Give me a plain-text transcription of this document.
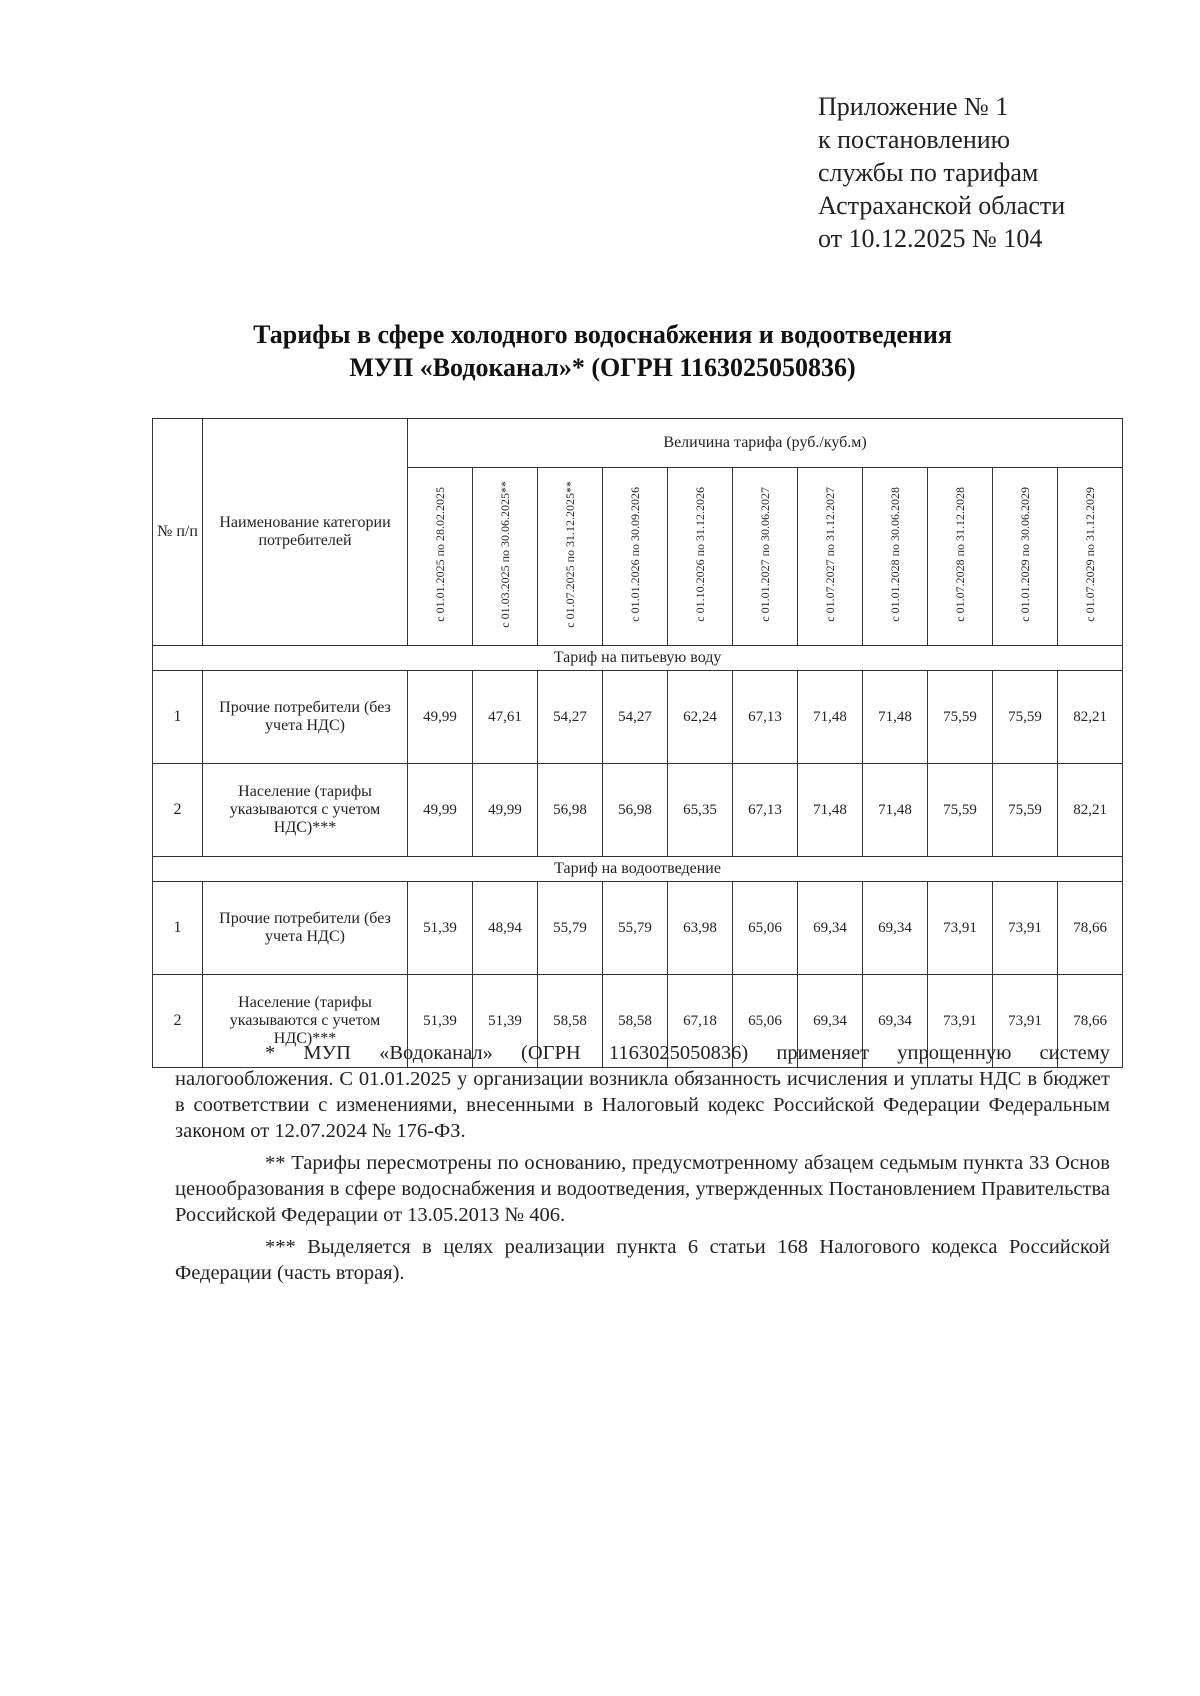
Приложение № 1
к постановлению
службы по тарифам
Астраханской области
от 10.12.2025 № 104
Тарифы в сфере холодного водоснабжения и водоотведения
МУП «Водоканал»* (ОГРН 1163025050836)
№ п/п	Наименование категории потребителей	Величина тарифа (руб./куб.м)										
		с 01.01.2025 по 28.02.2025	с 01.03.2025 по 30.06.2025**	с 01.07.2025 по 31.12.2025**	с 01.01.2026 по 30.09.2026	с 01.10.2026 по 31.12.2026	с 01.01.2027 по 30.06.2027	с 01.07.2027 по 31.12.2027	с 01.01.2028 по 30.06.2028	с 01.07.2028 по 31.12.2028	с 01.01.2029 по 30.06.2029	с 01.07.2029 по 31.12.2029
Тариф на питьевую воду												
1	Прочие потребители (без учета НДС)	49,99	47,61	54,27	54,27	62,24	67,13	71,48	71,48	75,59	75,59	82,21
2	Население (тарифы указываются с учетом НДС)***	49,99	49,99	56,98	56,98	65,35	67,13	71,48	71,48	75,59	75,59	82,21
Тариф на водоотведение												
1	Прочие потребители (без учета НДС)	51,39	48,94	55,79	55,79	63,98	65,06	69,34	69,34	73,91	73,91	78,66
2	Население (тарифы указываются с учетом НДС)***	51,39	51,39	58,58	58,58	67,18	65,06	69,34	69,34	73,91	73,91	78,66

* МУП «Водоканал» (ОГРН 1163025050836) применяет упрощенную систему налогообложения. С 01.01.2025 у организации возникла обязанность исчисления и уплаты НДС в бюджет в соответствии с изменениями, внесенными в Налоговый кодекс Российской Федерации Федеральным законом от 12.07.2024 № 176-ФЗ.

** Тарифы пересмотрены по основанию, предусмотренному абзацем седьмым пункта 33 Основ ценообразования в сфере водоснабжения и водоотведения, утвержденных Постановлением Правительства Российской Федерации от 13.05.2013 № 406.

*** Выделяется в целях реализации пункта 6 статьи 168 Налогового кодекса Российской Федерации (часть вторая).
